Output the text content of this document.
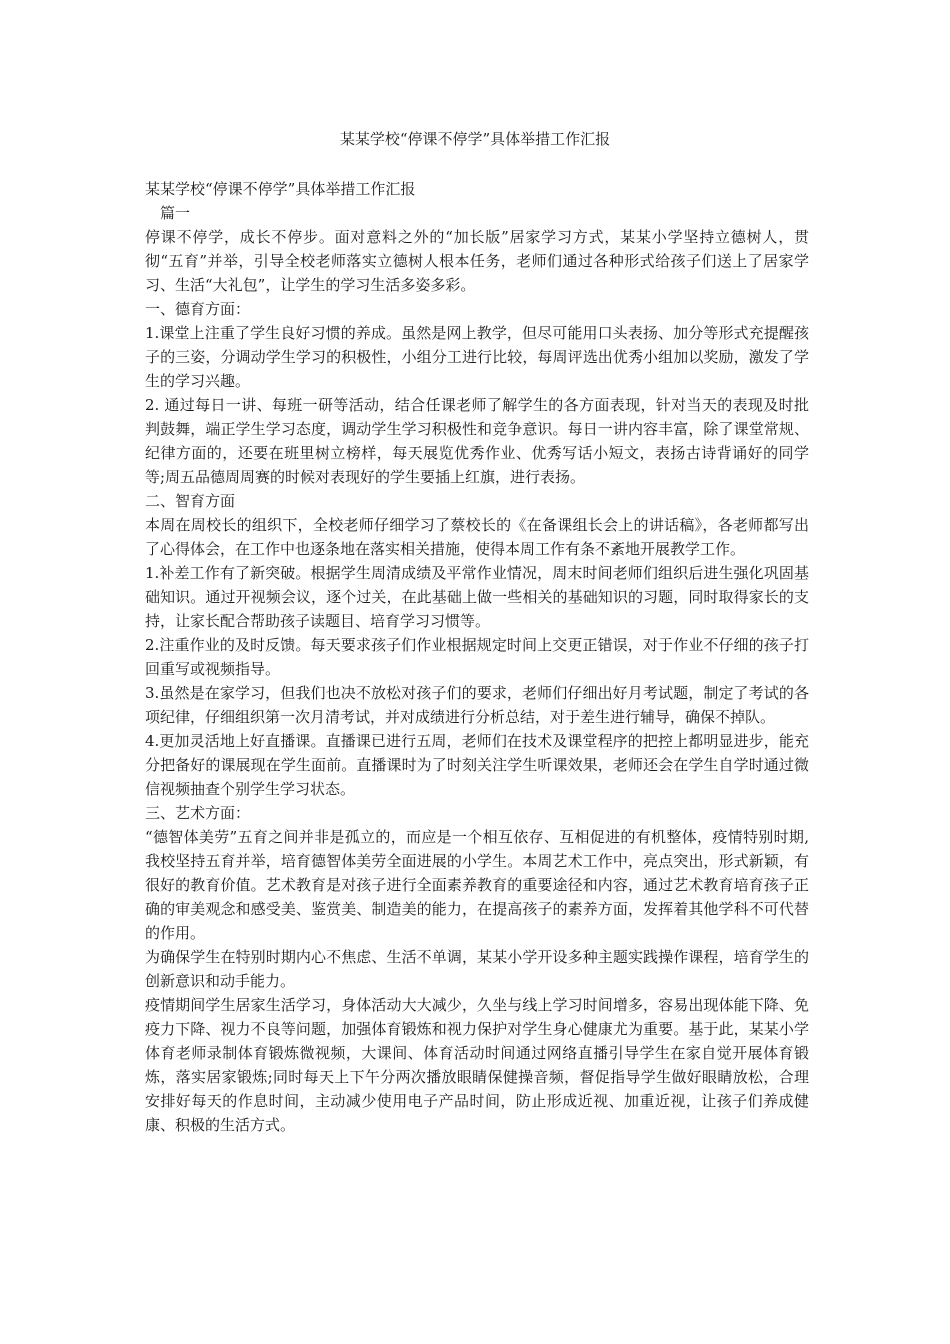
某某学校“停课不停学”具体举措工作汇报

某某学校“停课不停学”具体举措工作汇报

篇一

停课不停学，成长不停步。面对意料之外的“加长版”居家学习方式，某某小学坚持立德树人，贯彻“五育”并举，引导全校老师落实立德树人根本任务，老师们通过各种形式给孩子们送上了居家学习、生活“大礼包”，让学生的学习生活多姿多彩。

一、德育方面：

1.课堂上注重了学生良好习惯的养成。虽然是网上教学，但尽可能用口头表扬、加分等形式充提醒孩子的三姿，分调动学生学习的积极性，小组分工进行比较，每周评选出优秀小组加以奖励，激发了学生的学习兴趣。

2. 通过每日一讲、每班一研等活动，结合任课老师了解学生的各方面表现，针对当天的表现及时批判鼓舞，端正学生学习态度，调动学生学习积极性和竞争意识。每日一讲内容丰富，除了课堂常规、纪律方面的，还要在班里树立榜样，每天展览优秀作业、优秀写话小短文，表扬古诗背诵好的同学等;周五品德周周赛的时候对表现好的学生要插上红旗，进行表扬。

二、智育方面

本周在周校长的组织下，全校老师仔细学习了蔡校长的《在备课组长会上的讲话稿》，各老师都写出了心得体会，在工作中也逐条地在落实相关措施，使得本周工作有条不紊地开展教学工作。

1.补差工作有了新突破。根据学生周清成绩及平常作业情况，周末时间老师们组织后进生强化巩固基础知识。通过开视频会议，逐个过关，在此基础上做一些相关的基础知识的习题，同时取得家长的支持，让家长配合帮助孩子读题目、培育学习习惯等。

2.注重作业的及时反馈。每天要求孩子们作业根据规定时间上交更正错误，对于作业不仔细的孩子打回重写或视频指导。

3.虽然是在家学习，但我们也决不放松对孩子们的要求，老师们仔细出好月考试题，制定了考试的各项纪律，仔细组织第一次月清考试，并对成绩进行分析总结，对于差生进行辅导，确保不掉队。

4.更加灵活地上好直播课。直播课已进行五周，老师们在技术及课堂程序的把控上都明显进步，能充分把备好的课展现在学生面前。直播课时为了时刻关注学生听课效果，老师还会在学生自学时通过微信视频抽查个别学生学习状态。

三、艺术方面：

“德智体美劳”五育之间并非是孤立的，而应是一个相互依存、互相促进的有机整体，疫情特别时期,我校坚持五育并举，培育德智体美劳全面进展的小学生。本周艺术工作中，亮点突出，形式新颖，有很好的教育价值。艺术教育是对孩子进行全面素养教育的重要途径和内容，通过艺术教育培育孩子正确的审美观念和感受美、鉴赏美、制造美的能力，在提高孩子的素养方面，发挥着其他学科不可代替的作用。

为确保学生在特别时期内心不焦虑、生活不单调，某某小学开设多种主题实践操作课程，培育学生的创新意识和动手能力。

疫情期间学生居家生活学习，身体活动大大减少，久坐与线上学习时间增多，容易出现体能下降、免疫力下降、视力不良等问题，加强体育锻炼和视力保护对学生身心健康尤为重要。基于此，某某小学体育老师录制体育锻炼微视频，大课间、体育活动时间通过网络直播引导学生在家自觉开展体育锻炼，落实居家锻炼;同时每天上下午分两次播放眼睛保健操音频，督促指导学生做好眼睛放松，合理安排好每天的作息时间，主动减少使用电子产品时间，防止形成近视、加重近视，让孩子们养成健康、积极的生活方式。
